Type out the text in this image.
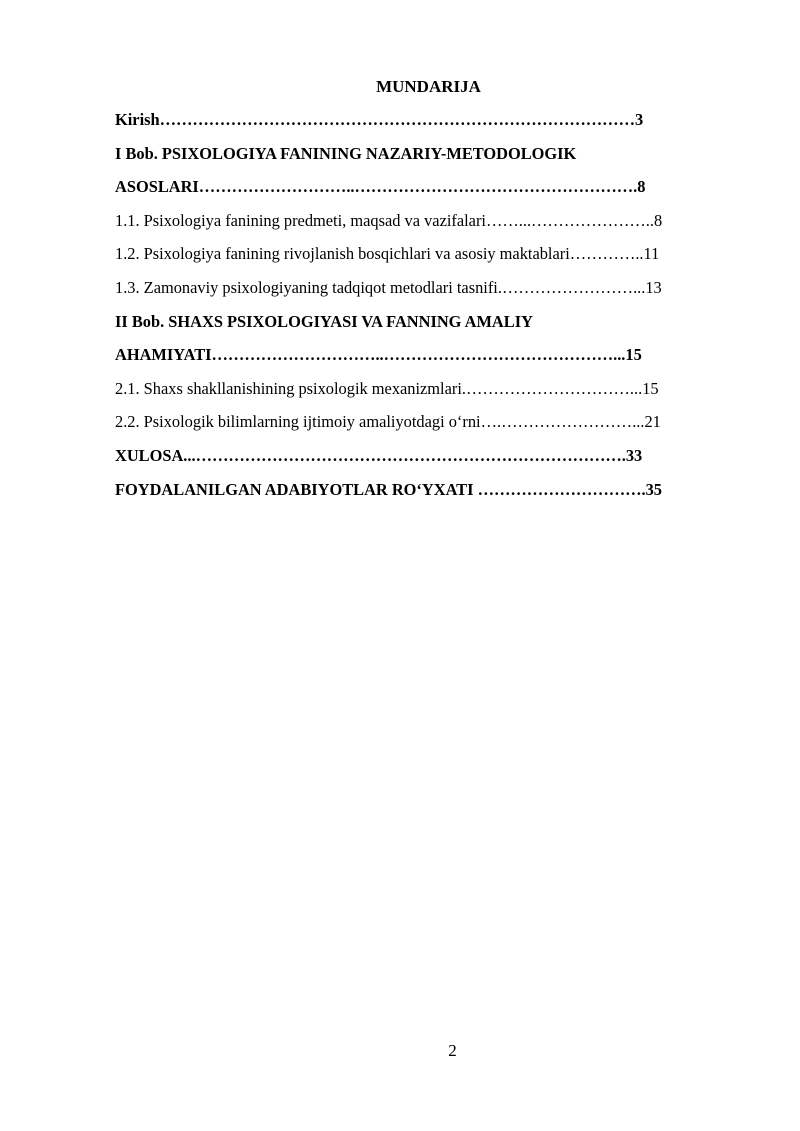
MUNDARIJA
Kirish……………………………………………………………………………3
I Bob. PSIXOLOGIYA FANINING NAZARIY-METODOLOGIK
ASOSLARI………………………..…………………………………………….8
1.1. Psixologiya fanining predmeti, maqsad va vazifalari……...…………………..8
1.2. Psixologiya fanining rivojlanish bosqichlari va asosiy maktablari…………..11
1.3. Zamonaviy psixologiyaning tadqiqot metodlari tasnifi.……………………...13
II Bob. SHAXS PSIXOLOGIYASI VA FANNING AMALIY
AHAMIYATI…………………………..……………………………………...15
2.1. Shaxs shakllanishining psixologik mexanizmlari.…………………………...15
2.2. Psixologik bilimlarning ijtimoiy amaliyotdagi o‘rni….……………………...21
XULOSA...…………………………………………………………………….33
FOYDALANILGAN ADABIYOTLAR RO‘YXATI ………………………….35
2
